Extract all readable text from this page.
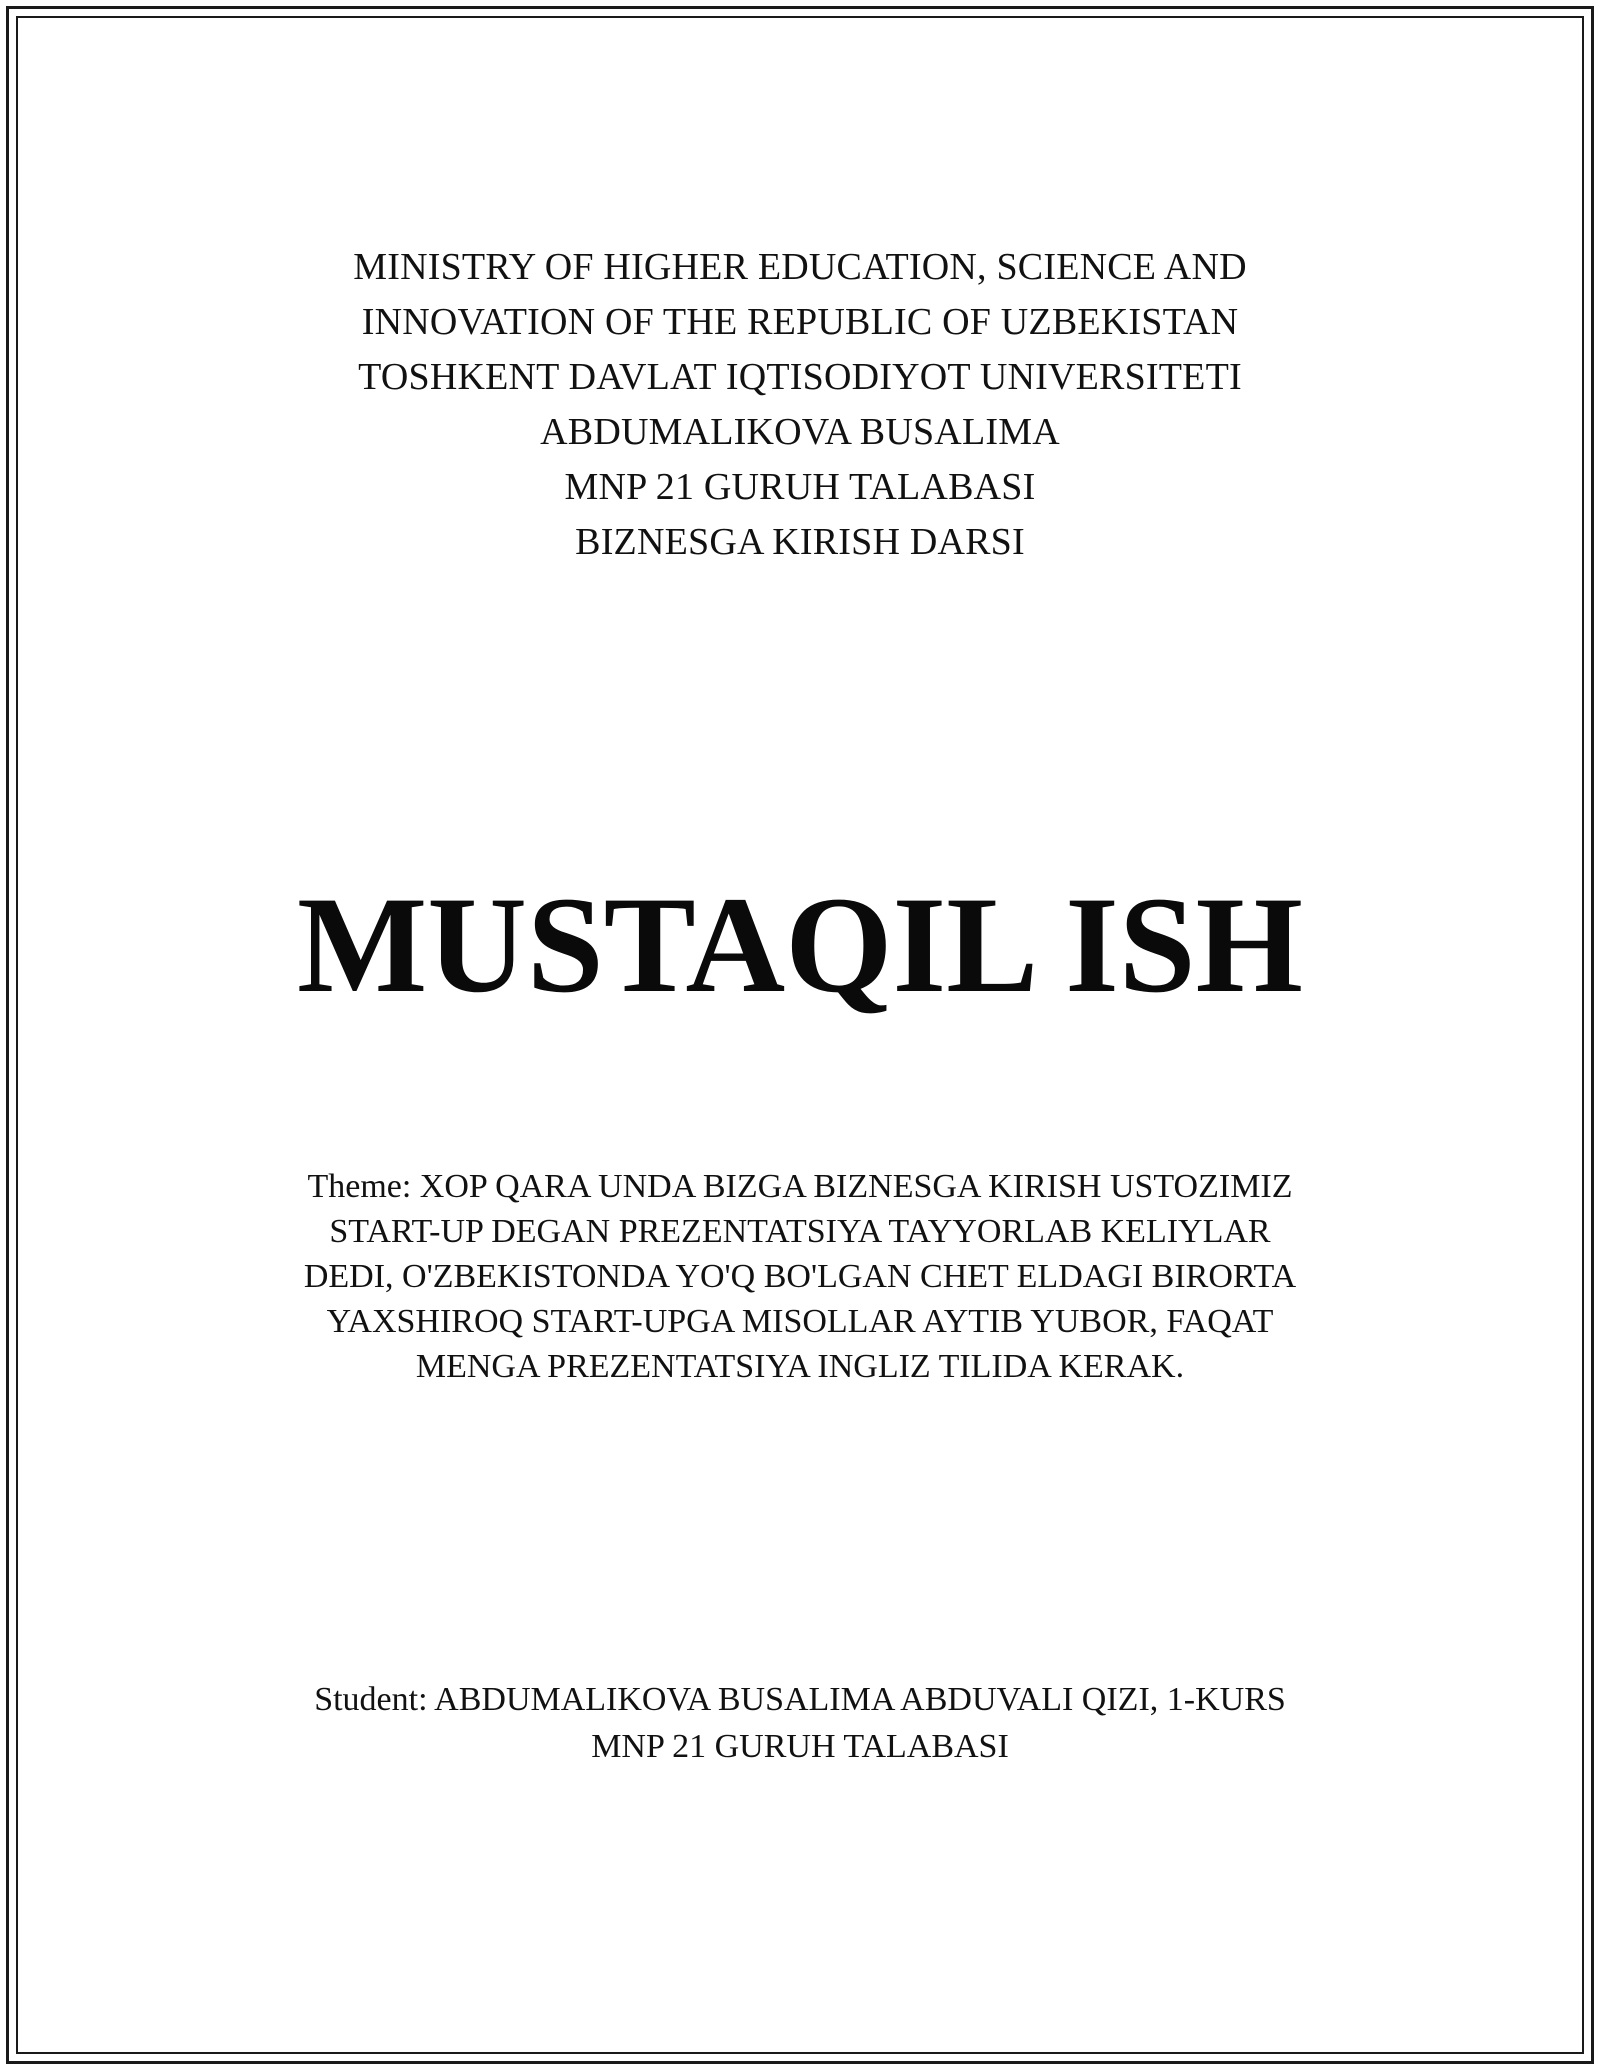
MINISTRY OF HIGHER EDUCATION, SCIENCE AND
INNOVATION OF THE REPUBLIC OF UZBEKISTAN
TOSHKENT DAVLAT IQTISODIYOT UNIVERSITETI
ABDUMALIKOVA BUSALIMA
MNP 21 GURUH TALABASI
BIZNESGA KIRISH DARSI
MUSTAQIL ISH
Theme: XOP QARA UNDA BIZGA BIZNESGA KIRISH USTOZIMIZ
START-UP DEGAN PREZENTATSIYA TAYYORLAB KELIYLAR
DEDI, O'ZBEKISTONDA YO'Q BO'LGAN CHET ELDAGI BIRORTA
YAXSHIROQ START-UPGA MISOLLAR AYTIB YUBOR, FAQAT
MENGA PREZENTATSIYA INGLIZ TILIDA KERAK.
Student: ABDUMALIKOVA BUSALIMA ABDUVALI QIZI, 1-KURS
MNP 21 GURUH TALABASI
